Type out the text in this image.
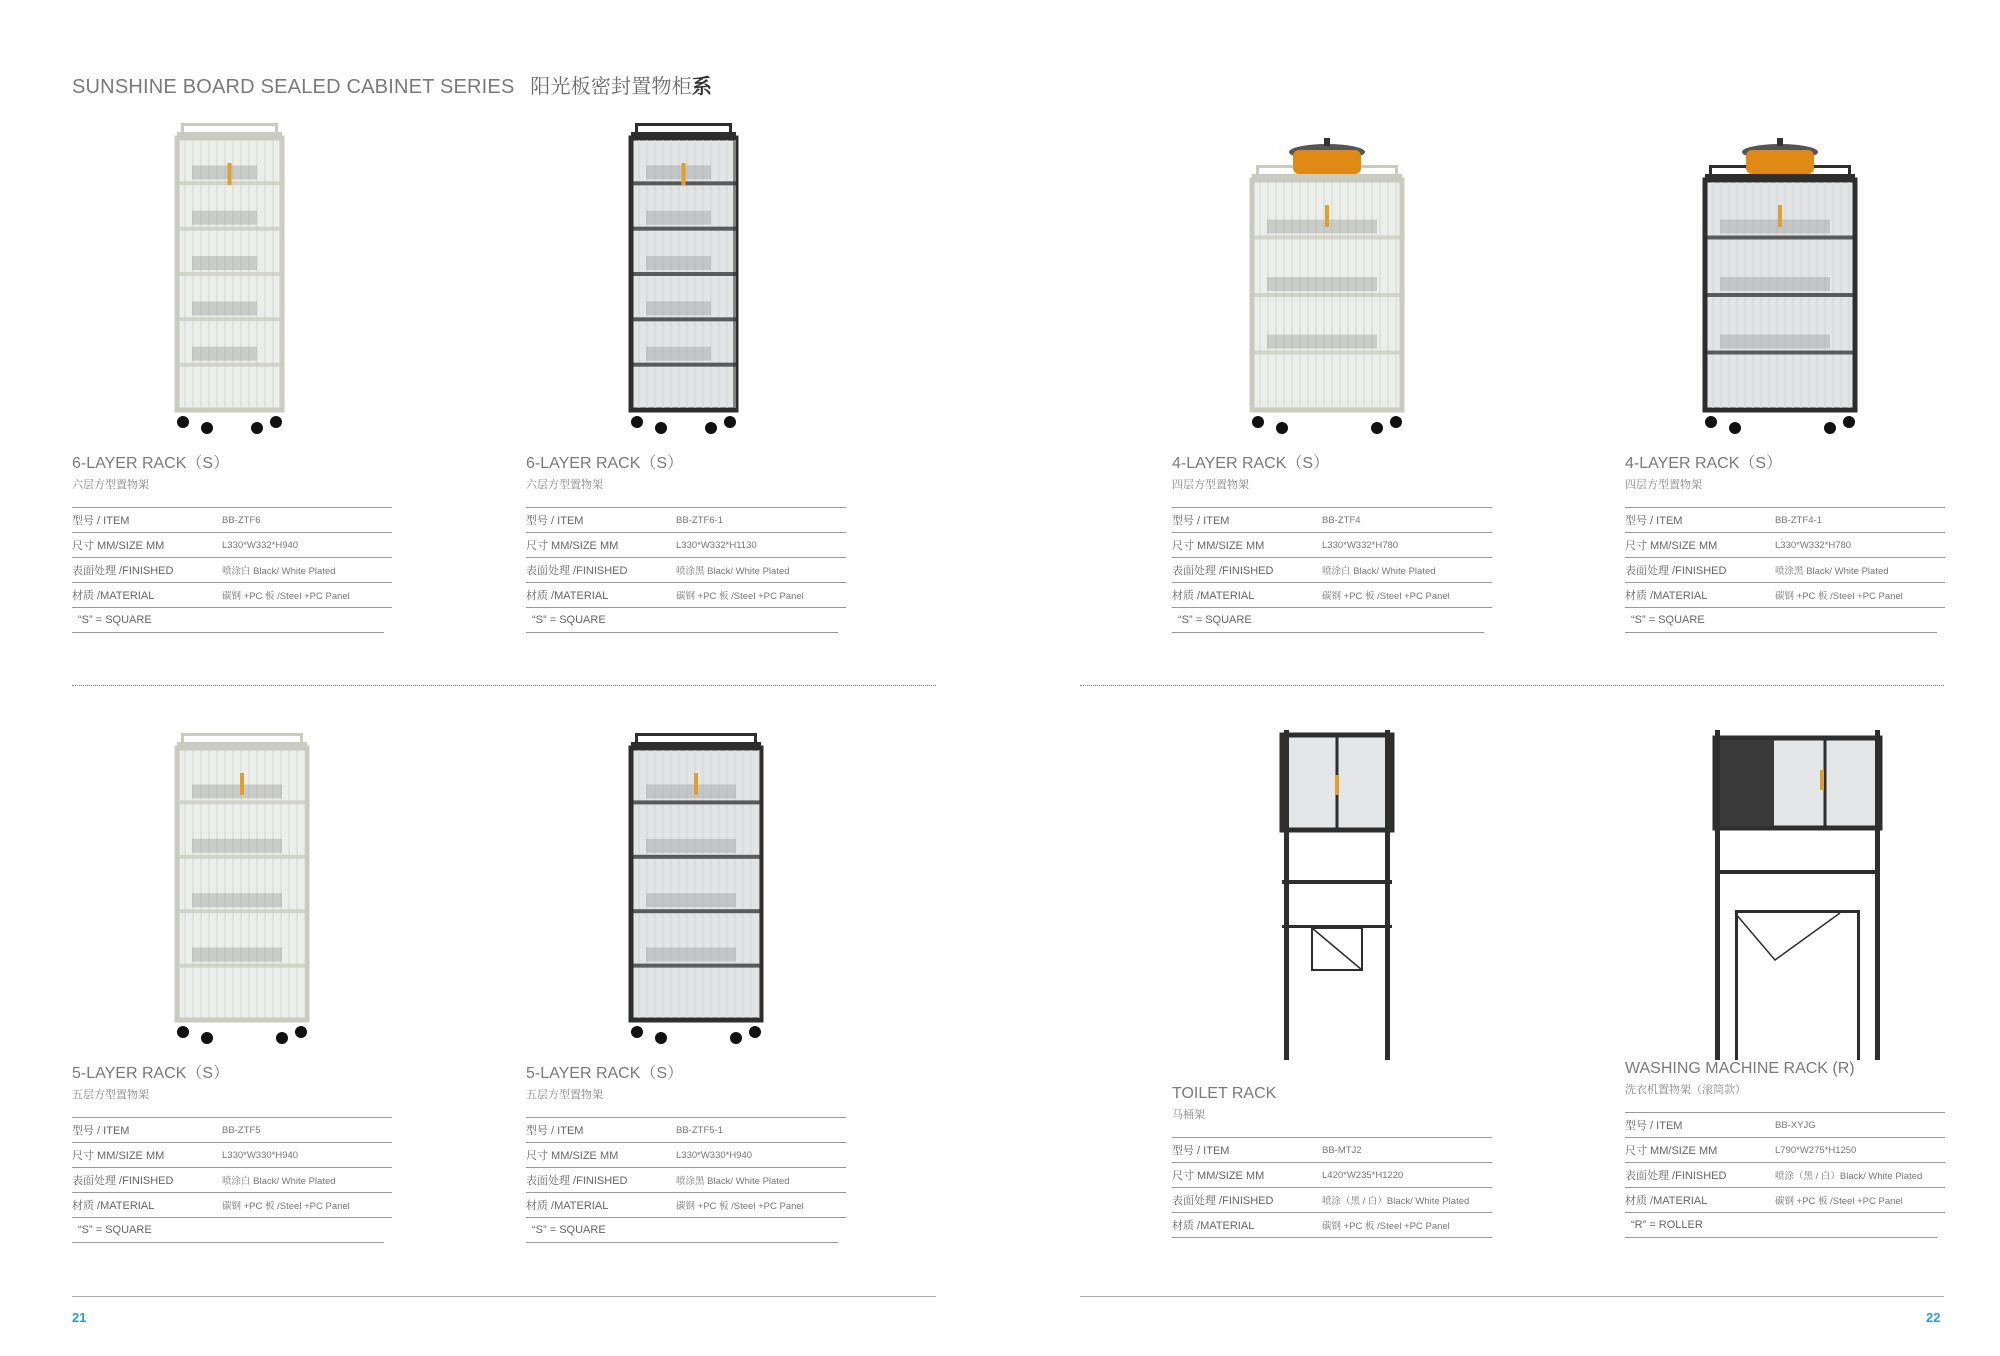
SUNSHINE BOARD SEALED CABINET SERIES 阳光板密封置物柜系
6-LAYER RACK（S）
六层方型置物架
型号 / ITEM	BB-ZTF6
尺寸 MM/SIZE MM	L330*W332*H940
表面处理 /FINISHED	喷涂白 Black/ White Plated
材质 /MATERIAL	碳钢 +PC 板 /Steel +PC Panel
“S” = SQUARE
6-LAYER RACK（S）
六层方型置物架
型号 / ITEM	BB-ZTF6-1
尺寸 MM/SIZE MM	L330*W332*H1130
表面处理 /FINISHED	喷涂黑 Black/ White Plated
材质 /MATERIAL	碳钢 +PC 板 /Steel +PC Panel
“S” = SQUARE
4-LAYER RACK（S）
四层方型置物架
型号 / ITEM	BB-ZTF4
尺寸 MM/SIZE MM	L330*W332*H780
表面处理 /FINISHED	喷涂白 Black/ White Plated
材质 /MATERIAL	碳钢 +PC 板 /Steel +PC Panel
“S” = SQUARE
4-LAYER RACK（S）
四层方型置物架
型号 / ITEM	BB-ZTF4-1
尺寸 MM/SIZE MM	L330*W332*H780
表面处理 /FINISHED	喷涂黑 Black/ White Plated
材质 /MATERIAL	碳钢 +PC 板 /Steel +PC Panel
“S” = SQUARE
5-LAYER RACK（S）
五层方型置物架
型号 / ITEM	BB-ZTF5
尺寸 MM/SIZE MM	L330*W330*H940
表面处理 /FINISHED	喷涂白 Black/ White Plated
材质 /MATERIAL	碳钢 +PC 板 /Steel +PC Panel
“S” = SQUARE
5-LAYER RACK（S）
五层方型置物架
型号 / ITEM	BB-ZTF5-1
尺寸 MM/SIZE MM	L330*W330*H940
表面处理 /FINISHED	喷涂黑 Black/ White Plated
材质 /MATERIAL	碳钢 +PC 板 /Steel +PC Panel
“S” = SQUARE
TOILET RACK
马桶架
型号 / ITEM	BB-MTJ2
尺寸 MM/SIZE MM	L420*W235*H1220
表面处理 /FINISHED	喷涂（黑 / 白）Black/ White Plated
材质 /MATERIAL	碳钢 +PC 板 /Steel +PC Panel
WASHING MACHINE RACK (R)
洗衣机置物架（滚筒款）
型号 / ITEM	BB-XYJG
尺寸 MM/SIZE MM	L790*W275*H1250
表面处理 /FINISHED	喷涂（黑 / 白）Black/ White Plated
材质 /MATERIAL	碳钢 +PC 板 /Steel +PC Panel
“R” = ROLLER
21	22
